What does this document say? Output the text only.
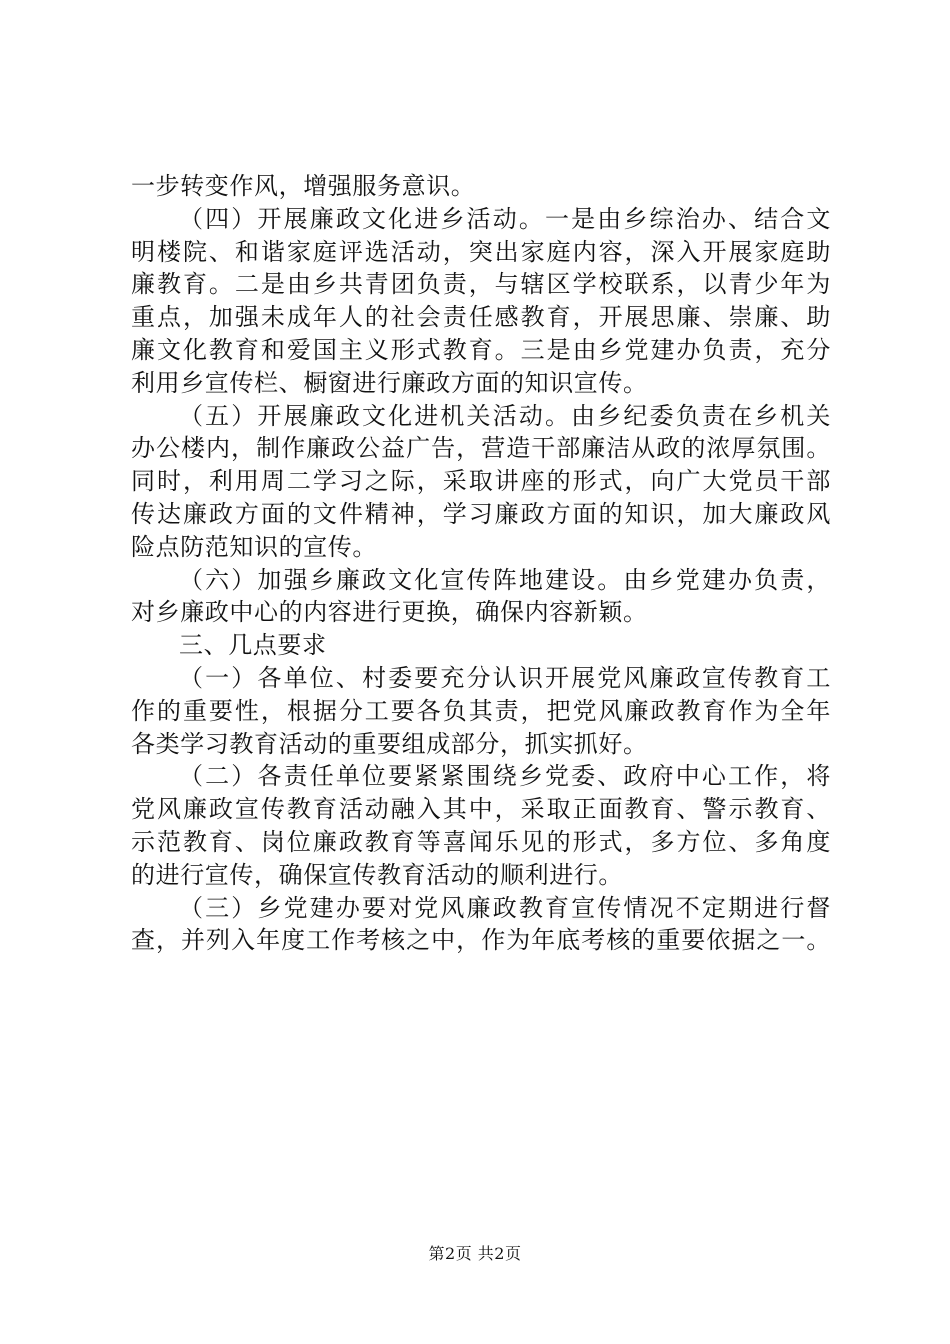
一步转变作风，增强服务意识。
（四）开展廉政文化进乡活动。一是由乡综治办、结合文
明楼院、和谐家庭评选活动，突出家庭内容，深入开展家庭助
廉教育。二是由乡共青团负责，与辖区学校联系，以青少年为
重点，加强未成年人的社会责任感教育，开展思廉、崇廉、助
廉文化教育和爱国主义形式教育。三是由乡党建办负责，充分
利用乡宣传栏、橱窗进行廉政方面的知识宣传。
（五）开展廉政文化进机关活动。由乡纪委负责在乡机关
办公楼内，制作廉政公益广告，营造干部廉洁从政的浓厚氛围。
同时，利用周二学习之际，采取讲座的形式，向广大党员干部
传达廉政方面的文件精神，学习廉政方面的知识，加大廉政风
险点防范知识的宣传。
（六）加强乡廉政文化宣传阵地建设。由乡党建办负责，
对乡廉政中心的内容进行更换，确保内容新颖。
三、几点要求
（一）各单位、村委要充分认识开展党风廉政宣传教育工
作的重要性，根据分工要各负其责，把党风廉政教育作为全年
各类学习教育活动的重要组成部分，抓实抓好。
（二）各责任单位要紧紧围绕乡党委、政府中心工作，将
党风廉政宣传教育活动融入其中，采取正面教育、警示教育、
示范教育、岗位廉政教育等喜闻乐见的形式，多方位、多角度
的进行宣传，确保宣传教育活动的顺利进行。
（三）乡党建办要对党风廉政教育宣传情况不定期进行督
查，并列入年度工作考核之中，作为年底考核的重要依据之一。
第2页 共2页
